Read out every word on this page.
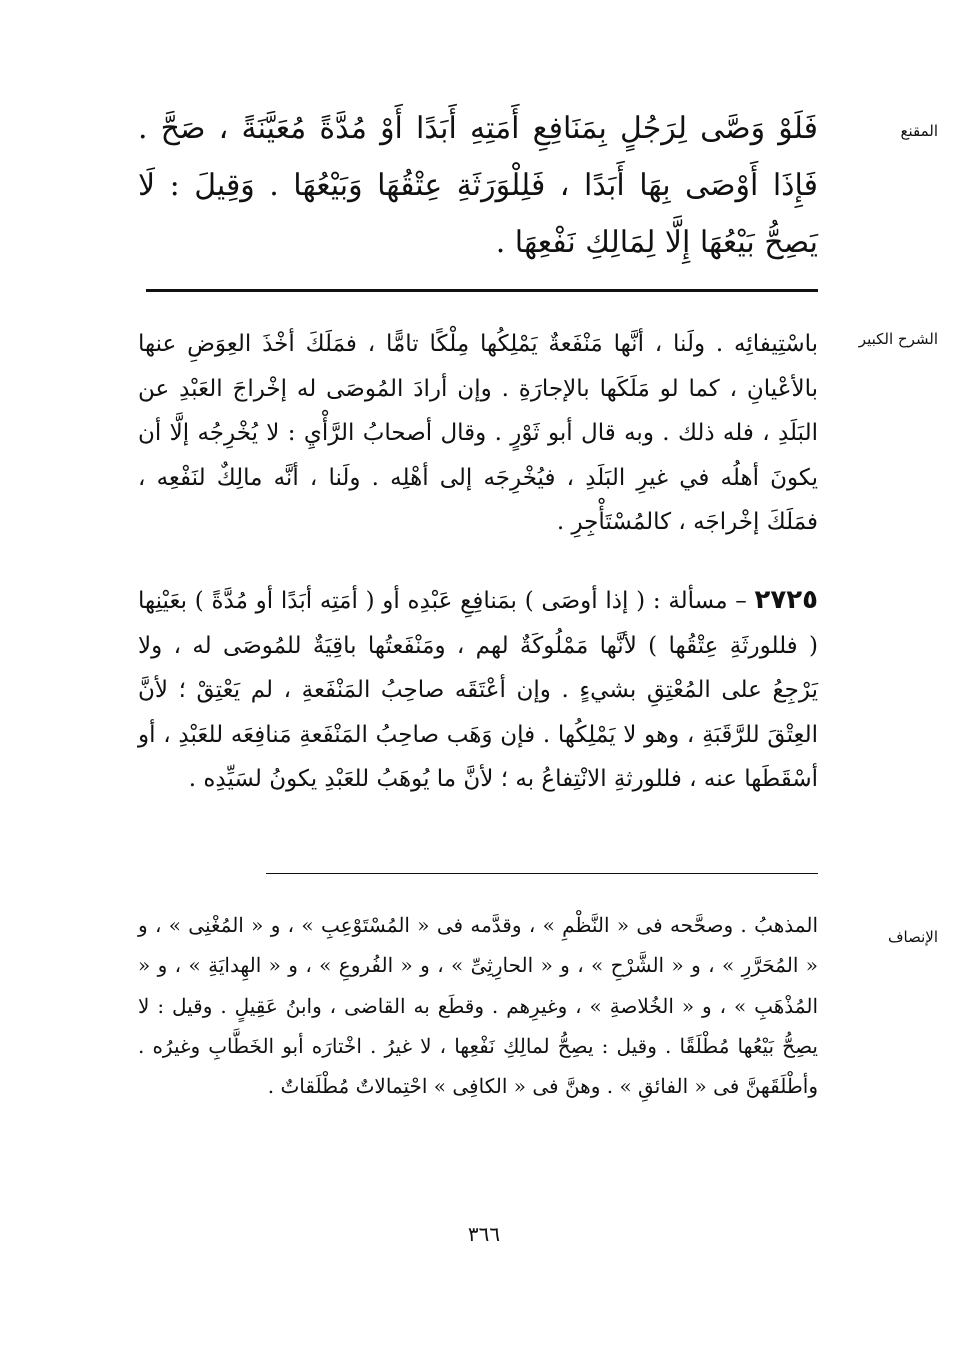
المقنع

فَلَوْ وَصَّى لِرَجُلٍ بِمَنَافِعِ أَمَتِهِ أَبَدًا أَوْ مُدَّةً مُعَيَّنَةً ، صَحَّ . فَإِذَا أَوْصَى بِهَا أَبَدًا ، فَلِلْوَرَثَةِ عِتْقُهَا وَبَيْعُهَا . وَقِيلَ : لَا يَصِحُّ بَيْعُهَا إِلَّا لِمَالِكِ نَفْعِهَا .

الشرح الكبير

باسْتِيفائِه . ولَنا ، أنَّها مَنْفَعةٌ يَمْلِكُها مِلْكًا تامًّا ، فمَلَكَ أخْذَ العِوَضِ عنها بالأعْيانِ ، كما لو مَلَكَها بالإجارَةِ . وإن أرادَ المُوصَى له إخْراجَ العَبْدِ عن البَلَدِ ، فله ذلك . وبه قال أبو ثَوْرٍ . وقال أصحابُ الرَّأْيِ : لا يُخْرِجُه إلَّا أن يكونَ أهلُه في غيرِ البَلَدِ ، فيُخْرِجَه إلى أهْلِه . ولَنا ، أنَّه مالِكٌ لنَفْعِه ، فمَلَكَ إخْراجَه ، كالمُسْتَأْجِرِ .

٢٧٢٥ – مسألة : ( إذا أوصَى ) بمَنافِعِ عَبْدِه أو ( أمَتِه أبَدًا أو مُدَّةً ) بعَيْنِها ( فللورثَةِ عِتْقُها ) لأنَّها مَمْلُوكَةٌ لهم ، ومَنْفَعتُها باقِيَةٌ للمُوصَى له ، ولا يَرْجِعُ على المُعْتِقِ بشيءٍ . وإن أعْتَقَه صاحِبُ المَنْفَعةِ ، لم يَعْتِقْ ؛ لأنَّ العِتْقَ للرَّقَبَةِ ، وهو لا يَمْلِكُها . فإن وَهَب صاحِبُ المَنْفَعةِ مَنافِعَه للعَبْدِ ، أو أسْقَطَها عنه ، فللورثةِ الانْتِفاعُ به ؛ لأنَّ ما يُوهَبُ للعَبْدِ يكونُ لسَيِّدِه .

الإنصاف

المذهبُ . وصحَّحه فى « النَّظْمِ » ، وقدَّمه فى « المُسْتَوْعِبِ » ، و « المُغْنِى » ، و « المُحَرَّرِ » ، و « الشَّرْحِ » ، و « الحارِثِىِّ » ، و « الفُروعِ » ، و « الهِدايَةِ » ، و « المُذْهَبِ » ، و « الخُلاصةِ » ، وغيرِهم . وقطَع به القاضى ، وابنُ عَقِيلٍ . وقيل : لا يصِحُّ بَيْعُها مُطْلَقًا . وقيل : يصِحُّ لمالِكِ نَفْعِها ، لا غيرُ . اخْتارَه أبو الخَطَّابِ وغيرُه . وأطْلَقَهنَّ فى « الفائقِ » . وهنَّ فى « الكافِى » احْتِمالاتٌ مُطْلَقاتٌ .

٣٦٦
